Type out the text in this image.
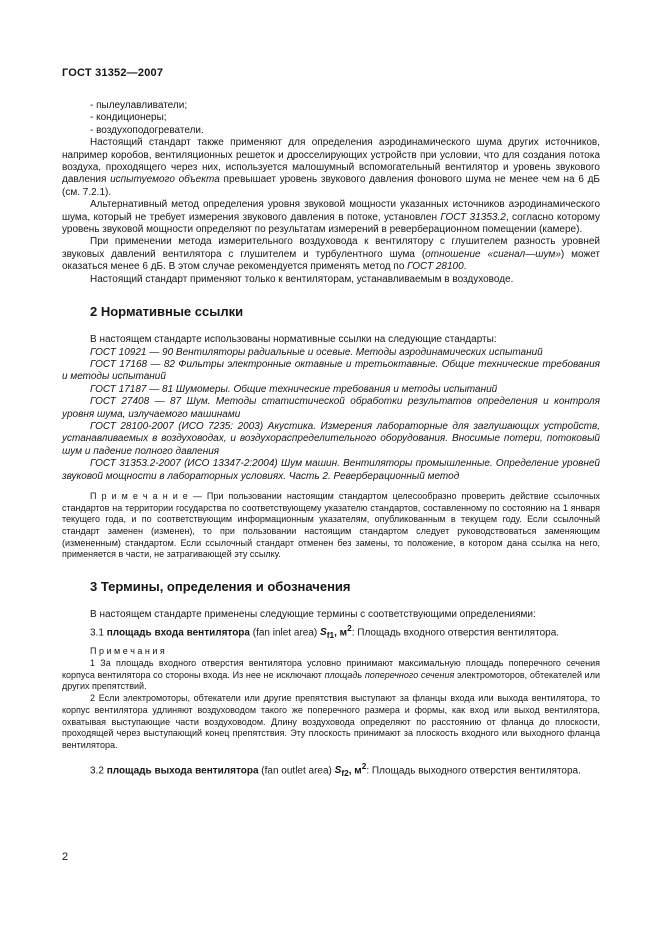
ГОСТ 31352—2007

- пылеулавливатели;

- кондиционеры;

- воздухоподогреватели.

Настоящий стандарт также применяют для определения аэродинамического шума других источников, например коробов, вентиляционных решеток и дросселирующих устройств при условии, что для создания потока воздуха, проходящего через них, используется малошумный вспомогательный вентилятор и уровень звукового давления испытуемого объекта превышает уровень звукового давления фонового шума не менее чем на 6 дБ (см. 7.2.1).

Альтернативный метод определения уровня звуковой мощности указанных источников аэродинамического шума, который не требует измерения звукового давления в потоке, установлен ГОСТ 31353.2, согласно которому уровень звуковой мощности определяют по результатам измерений в реверберационном помещении (камере).

При применении метода измерительного воздуховода к вентилятору с глушителем разность уровней звуковых давлений вентилятора с глушителем и турбулентного шума (отношение «сигнал—шум») может оказаться менее 6 дБ. В этом случае рекомендуется применять метод по ГОСТ 28100.

Настоящий стандарт применяют только к вентиляторам, устанавливаемым в воздуховоде.

2 Нормативные ссылки

В настоящем стандарте использованы нормативные ссылки на следующие стандарты:

ГОСТ 10921 — 90 Вентиляторы радиальные и осевые. Методы аэродинамических испытаний

ГОСТ 17168 — 82 Фильтры электронные октавные и третьоктавные. Общие технические требования и методы испытаний

ГОСТ 17187 — 81 Шумомеры. Общие технические требования и методы испытаний

ГОСТ 27408 — 87 Шум. Методы статистической обработки результатов определения и контроля уровня шума, излучаемого машинами

ГОСТ 28100-2007 (ИСО 7235: 2003) Акустика. Измерения лабораторные для заглушающих устройств, устанавливаемых в воздуховодах, и воздухораспределительного оборудования. Вносимые потери, потоковый шум и падение полного давления

ГОСТ 31353.2-2007 (ИСО 13347-2:2004) Шум машин. Вентиляторы промышленные. Определение уровней звуковой мощности в лабораторных условиях. Часть 2. Реверберационный метод

П р и м е ч а н и е — При пользовании настоящим стандартом целесообразно проверить действие ссылочных стандартов на территории государства по соответствующему указателю стандартов, составленному по состоянию на 1 января текущего года, и по соответствующим информационным указателям, опубликованным в текущем году. Если ссылочный стандарт заменен (изменен), то при пользовании настоящим стандартом следует руководствоваться заменяющим (измененным) стандартом. Если ссылочный стандарт отменен без замены, то положение, в котором дана ссылка на него, применяется в части, не затрагивающей эту ссылку.

3 Термины, определения и обозначения

В настоящем стандарте применены следующие термины с соответствующими определениями:

3.1 площадь входа вентилятора (fan inlet area) $S_{f1}$, $м^2$: Площадь входного отверстия вентилятора.

П р и м е ч а н и я

1 За площадь входного отверстия вентилятора условно принимают максимальную площадь поперечного сечения корпуса вентилятора со стороны входа. Из нее не исключают площадь поперечного сечения электромоторов, обтекателей или других препятствий.

2 Если электромоторы, обтекатели или другие препятствия выступают за фланцы входа или выхода вентилятора, то корпус вентилятора удлиняют воздуховодом такого же поперечного размера и формы, как вход или выход вентилятора, охватывая выступающие части воздуховодом. Длину воздуховода определяют по расстоянию от фланца до плоскости, проходящей через выступающий конец препятствия. Эту плоскость принимают за плоскость входного или выходного фланца вентилятора.

3.2 площадь выхода вентилятора (fan outlet area) $S_{f2}$, $м^2$: Площадь выходного отверстия вентилятора.

2
